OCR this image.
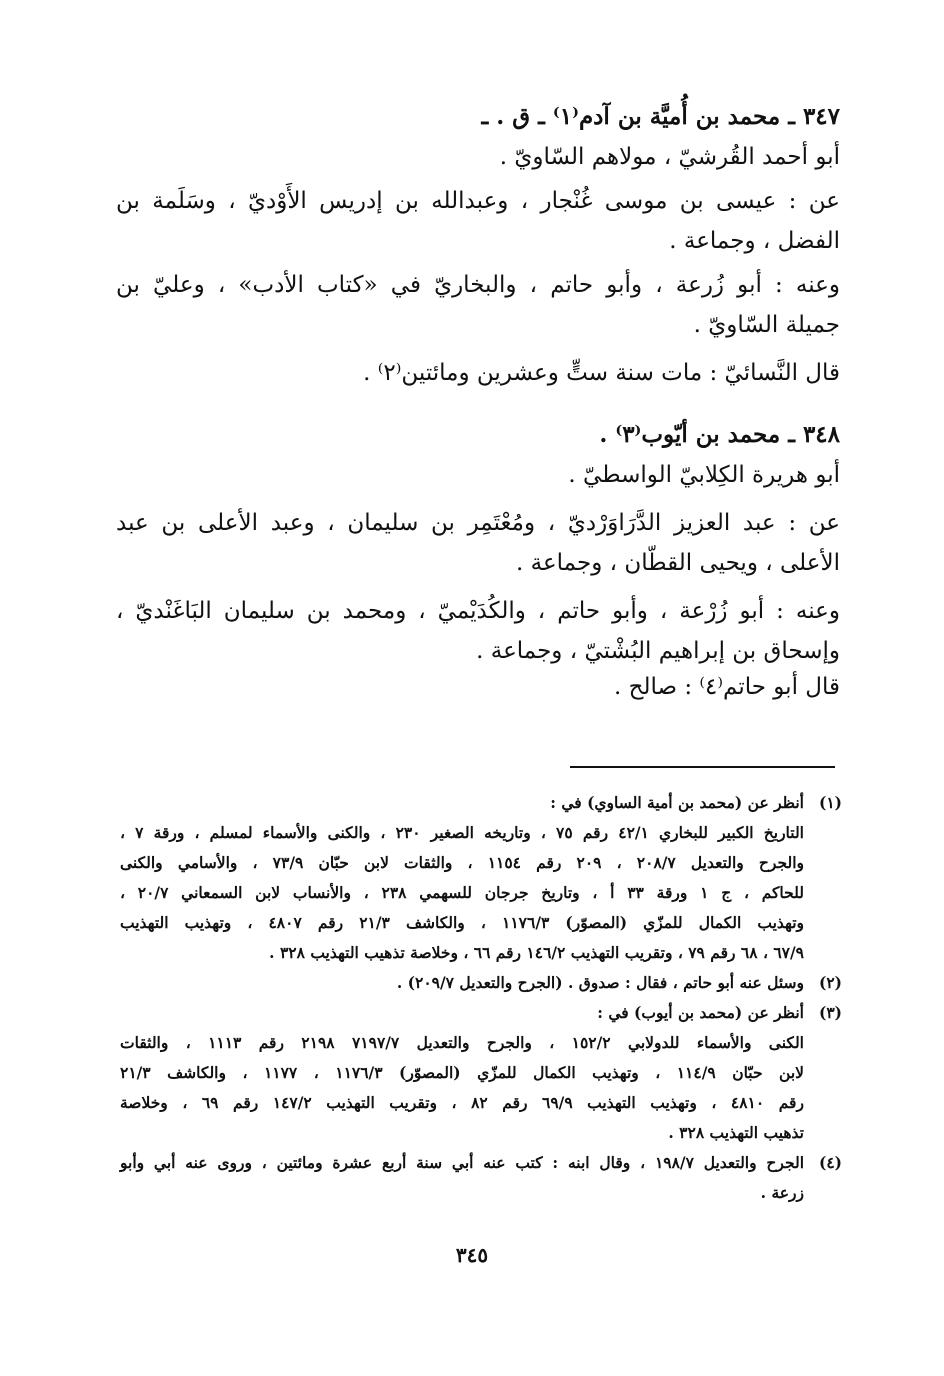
٣٤٧ ـ محمد بن أُميَّة بن آدم⁽١⁾ ـ ق . ـ
أبو أحمد القُرشيّ ، مولاهم السّاويّ .
عن : عيسى بن موسى غُنْجار ، وعبدالله بن إدريس الأَوْديّ ، وسَلَمة بن
الفضل ، وجماعة .
وعنه : أبو زُرعة ، وأبو حاتم ، والبخاريّ في «كتاب الأدب» ، وعليّ بن
جميلة السّاويّ .
قال النَّسائيّ : مات سنة ستٍّ وعشرين ومائتين⁽٢⁾ .
٣٤٨ ـ محمد بن أيّوب⁽٣⁾ .
أبو هريرة الكِلابيّ الواسطيّ .
عن : عبد العزيز الدَّرَاوَرْديّ ، ومُعْتَمِر بن سليمان ، وعبد الأعلى بن عبد
الأعلى ، ويحيى القطّان ، وجماعة .
وعنه : أبو زُرْعة ، وأبو حاتم ، والكُدَيْميّ ، ومحمد بن سليمان البَاغَنْديّ ،
وإسحاق بن إبراهيم البُشْتيّ ، وجماعة .
قال أبو حاتم⁽٤⁾ : صالح .
(١)
أنظر عن (محمد بن أمية الساوي) في :
التاريخ الكبير للبخاري ٤٢/١ رقم ٧٥ ، وتاريخه الصغير ٢٣٠ ، والكنى والأسماء لمسلم ، ورقة ٧ ،
والجرح والتعديل ٢٠٨/٧ ، ٢٠٩ رقم ١١٥٤ ، والثقات لابن حبّان ٧٣/٩ ، والأسامي والكنى
للحاكم ، ج ١ ورقة ٣٣ أ ، وتاريخ جرجان للسهمي ٢٣٨ ، والأنساب لابن السمعاني ٢٠/٧ ،
وتهذيب الكمال للمزّي (المصوّر) ١١٧٦/٣ ، والكاشف ٢١/٣ رقم ٤٨٠٧ ، وتهذيب التهذيب
٦٧/٩ ، ٦٨ رقم ٧٩ ، وتقريب التهذيب ١٤٦/٢ رقم ٦٦ ، وخلاصة تذهيب التهذيب ٣٢٨ .
(٢)
وسئل عنه أبو حاتم ، فقال : صدوق . (الجرح والتعديل ٢٠٩/٧) .
(٣)
أنظر عن (محمد بن أيوب) في :
الكنى والأسماء للدولابي ١٥٢/٢ ، والجرح والتعديل ٧١٩٧/٧ ٢١٩٨ رقم ١١١٣ ، والثقات
لابن حبّان ١١٤/٩ ، وتهذيب الكمال للمزّي (المصوّر) ١١٧٦/٣ ، ١١٧٧ ، والكاشف ٢١/٣
رقم ٤٨١٠ ، وتهذيب التهذيب ٦٩/٩ رقم ٨٢ ، وتقريب التهذيب ١٤٧/٢ رقم ٦٩ ، وخلاصة
تذهيب التهذيب ٣٢٨ .
(٤)
الجرح والتعديل ١٩٨/٧ ، وقال ابنه : كتب عنه أبي سنة أربع عشرة ومائتين ، وروى عنه أبي وأبو
زرعة .
٣٤٥
